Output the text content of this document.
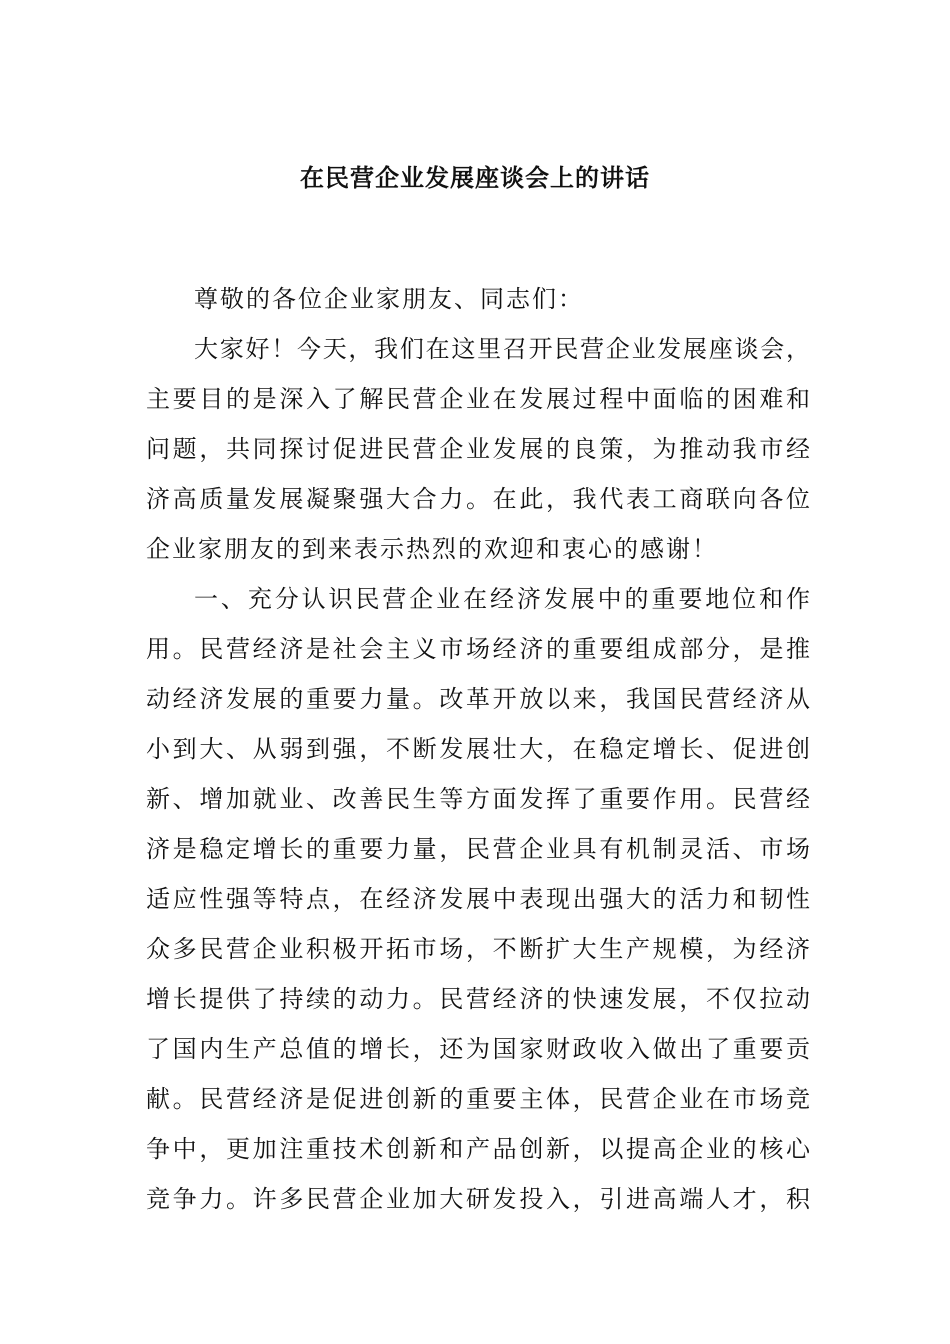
在民营企业发展座谈会上的讲话
尊敬的各位企业家朋友、同志们：
大家好！今天，我们在这里召开民营企业发展座谈会，
主要目的是深入了解民营企业在发展过程中面临的困难和
问题，共同探讨促进民营企业发展的良策，为推动我市经
济高质量发展凝聚强大合力。在此，我代表工商联向各位
企业家朋友的到来表示热烈的欢迎和衷心的感谢！
一、充分认识民营企业在经济发展中的重要地位和作
用。民营经济是社会主义市场经济的重要组成部分，是推
动经济发展的重要力量。改革开放以来，我国民营经济从
小到大、从弱到强，不断发展壮大，在稳定增长、促进创
新、增加就业、改善民生等方面发挥了重要作用。民营经
济是稳定增长的重要力量，民营企业具有机制灵活、市场
适应性强等特点，在经济发展中表现出强大的活力和韧性
众多民营企业积极开拓市场，不断扩大生产规模，为经济
增长提供了持续的动力。民营经济的快速发展，不仅拉动
了国内生产总值的增长，还为国家财政收入做出了重要贡
献。民营经济是促进创新的重要主体，民营企业在市场竞
争中，更加注重技术创新和产品创新，以提高企业的核心
竞争力。许多民营企业加大研发投入，引进高端人才，积
